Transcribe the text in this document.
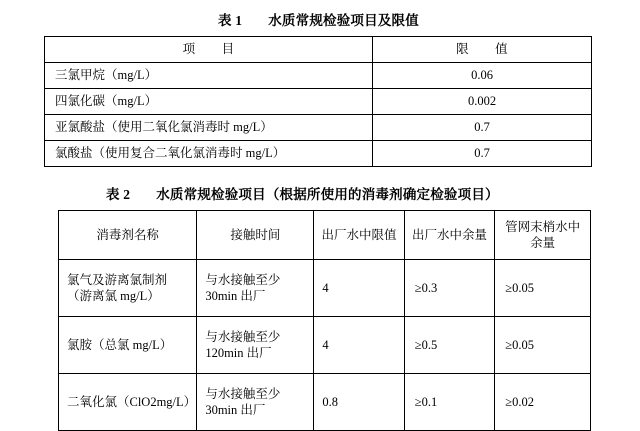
表 1 水质常规检验项目及限值
项　　目	限　　值
三氯甲烷（mg/L）	0.06
四氯化碳（mg/L）	0.002
亚氯酸盐（使用二氧化氯消毒时 mg/L）	0.7
氯酸盐（使用复合二氧化氯消毒时 mg/L）	0.7
表 2 水质常规检验项目（根据所使用的消毒剂确定检验项目）
消毒剂名称	接触时间	出厂水中限值	出厂水中余量	管网末梢水中余量
氯气及游离氯制剂（游离氯 mg/L）	与水接触至少30min 出厂	4	≥0.3	≥0.05
氯胺（总氯 mg/L）	与水接触至少120min 出厂	4	≥0.5	≥0.05
二氧化氯（ClO2mg/L）	与水接触至少30min 出厂	0.8	≥0.1	≥0.02
